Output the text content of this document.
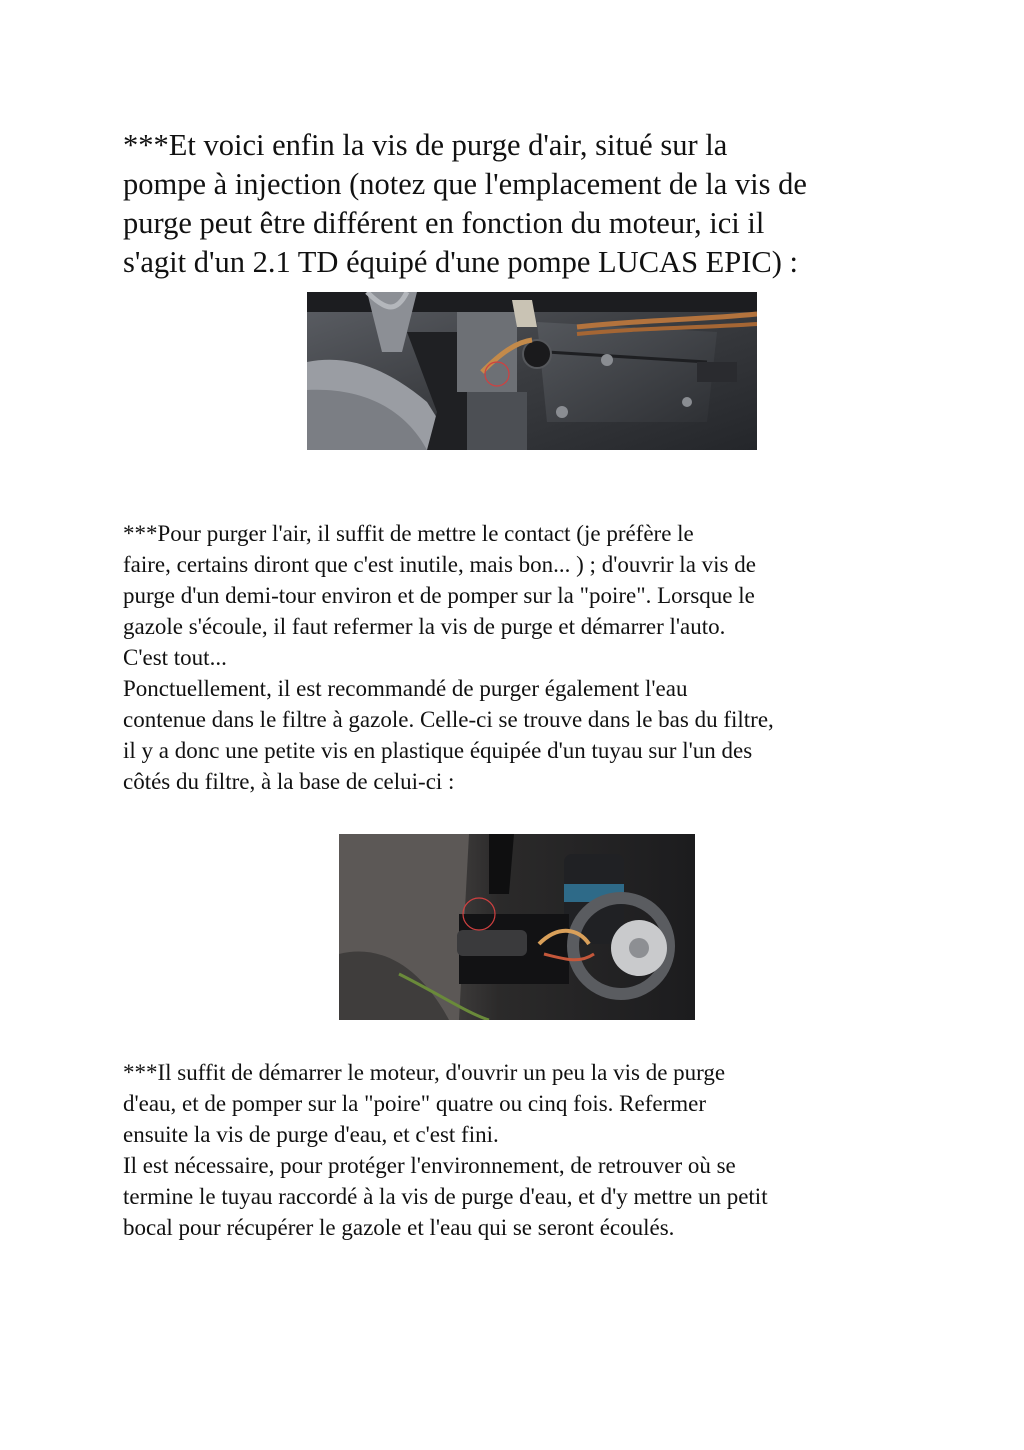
***Et voici enfin la vis de purge d'air, situé sur la
pompe à injection (notez que l'emplacement de la vis de
purge peut être différent en fonction du moteur, ici il
s'agit d'un 2.1 TD équipé d'une pompe LUCAS EPIC) :

***Pour purger l'air, il suffit de mettre le contact (je préfère le
faire, certains diront que c'est inutile, mais bon... ) ; d'ouvrir la vis de
purge d'un demi-tour environ et de pomper sur la "poire". Lorsque le
gazole s'écoule, il faut refermer la vis de purge et démarrer l'auto.
C'est tout...
Ponctuellement, il est recommandé de purger également l'eau
contenue dans le filtre à gazole. Celle-ci se trouve dans le bas du filtre,
il y a donc une petite vis en plastique équipée d'un tuyau sur l'un des
côtés du filtre, à la base de celui-ci :

***Il suffit de démarrer le moteur, d'ouvrir un peu la vis de purge
d'eau, et de pomper sur la "poire" quatre ou cinq fois. Refermer
ensuite la vis de purge d'eau, et c'est fini.
Il est nécessaire, pour protéger l'environnement, de retrouver où se
termine le tuyau raccordé à la vis de purge d'eau, et d'y mettre un petit
bocal pour récupérer le gazole et l'eau qui se seront écoulés.
